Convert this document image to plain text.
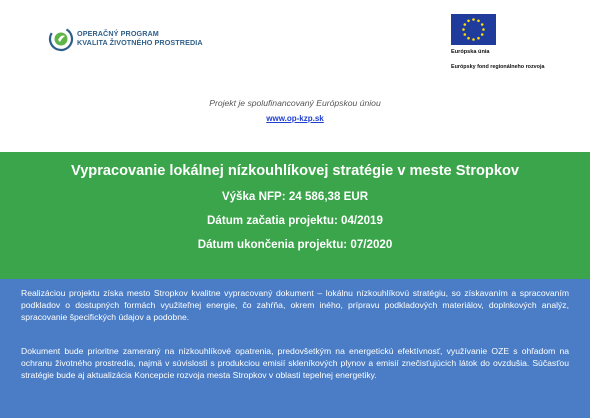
OPERAČNÝ PROGRAM
KVALITA ŽIVOTNÉHO PROSTREDIA
Európska únia
Európsky fond regionálneho rozvoja
Projekt je spolufinancovaný Európskou úniou
www.op-kzp.sk
Vypracovanie lokálnej nízkouhlíkovej stratégie v meste Stropkov
Výška NFP: 24 586,38 EUR
Dátum začatia projektu: 04/2019
Dátum ukončenia projektu: 07/2020
Realizáciou projektu získa mesto Stropkov kvalitne vypracovaný dokument – lokálnu nízkouhlíkovú stratégiu, so získavaním a spracovaním podkladov o dostupných formách využiteľnej energie, čo zahŕňa, okrem iného, prípravu podkladových materiálov, doplnkových analýz, spracovanie špecifických údajov a podobne.
Dokument bude prioritne zameraný na nízkouhlíkové opatrenia, predovšetkým na energetickú efektívnosť, využívanie OZE s ohľadom na ochranu životného prostredia, najmä v súvislosti s produkciou emisií skleníkových plynov a emisií znečisťujúcich látok do ovzdušia. Súčasťou stratégie bude aj aktualizácia Koncepcie rozvoja mesta Stropkov v oblasti tepelnej energetiky.
